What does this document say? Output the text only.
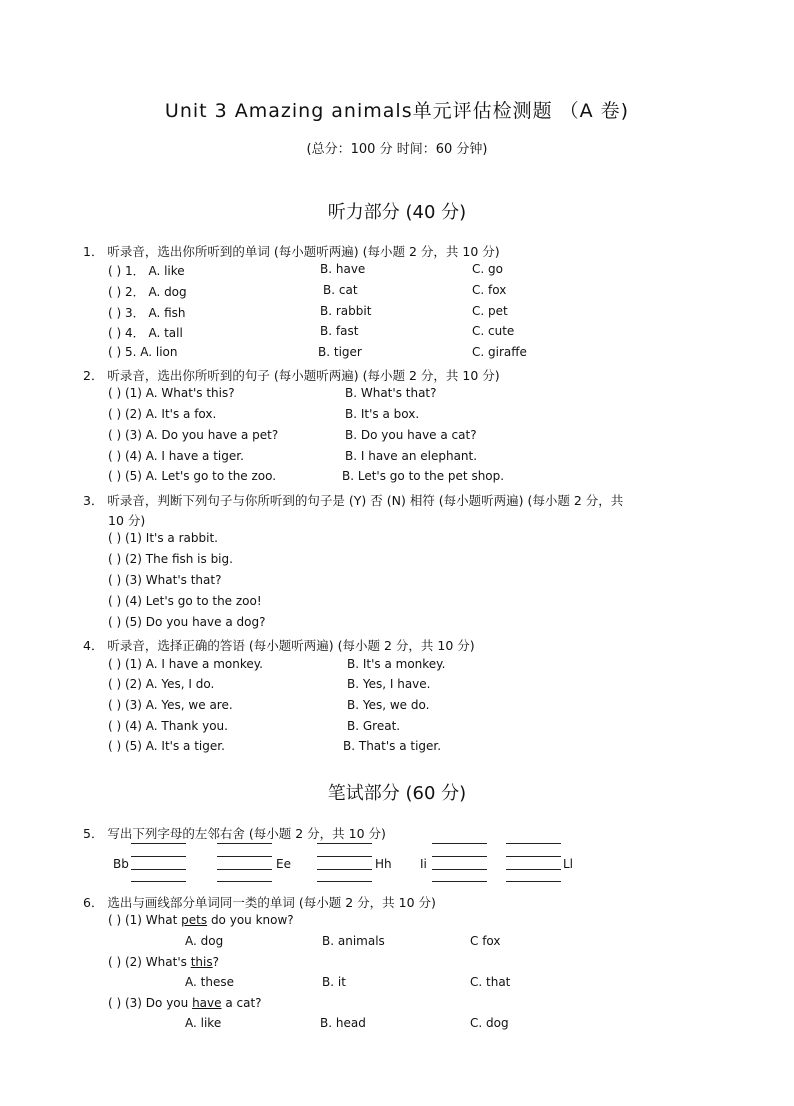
Unit 3 Amazing animals单元评估检测题 （A 卷)
(总分：100 分 时间：60 分钟)
听力部分 (40 分)
1． 听录音，选出你所听到的单词 (每小题听两遍) (每小题 2 分，共 10 分)
( ) 1． A. like	B. have	C. go
( ) 2． A. dog	B. cat	C. fox
( ) 3． A. fish	B. rabbit	C. pet
( ) 4． A. tall	B. fast	C. cute
( ) 5. A. lion	B. tiger	C. giraffe
2． 听录音，选出你所听到的句子 (每小题听两遍) (每小题 2 分，共 10 分)
( ) (1) A. What's this?	B. What's that?
( ) (2) A. It's a fox.	B. It's a box.
( ) (3) A. Do you have a pet?	B. Do you have a cat?
( ) (4) A. I have a tiger.	B. I have an elephant.
( ) (5) A. Let's go to the zoo.	B. Let's go to the pet shop.
3． 听录音，判断下列句子与你所听到的句子是 (Y) 否 (N) 相符 (每小题听两遍) (每小题 2 分，共
10 分)
( ) (1) It's a rabbit.
( ) (2) The fish is big.
( ) (3) What's that?
( ) (4) Let's go to the zoo!
( ) (5) Do you have a dog?
4． 听录音，选择正确的答语 (每小题听两遍) (每小题 2 分，共 10 分)
( ) (1) A. I have a monkey.	B. It's a monkey.
( ) (2) A. Yes, I do.	B. Yes, I have.
( ) (3) A. Yes, we are.	B. Yes, we do.
( ) (4) A. Thank you.	B. Great.
( ) (5) A. It's a tiger.	B. That's a tiger.
笔试部分 (60 分)
5． 写出下列字母的左邻右舍 (每小题 2 分，共 10 分)
Bb	Ee	Hh Ii	Ll
6． 选出与画线部分单词同一类的单词 (每小题 2 分，共 10 分)
( ) (1) What pets do you know?
A. dog	B. animals	C fox
( ) (2) What's this?
A. these	B. it	C. that
( ) (3) Do you have a cat?
A. like	B. head	C. dog
